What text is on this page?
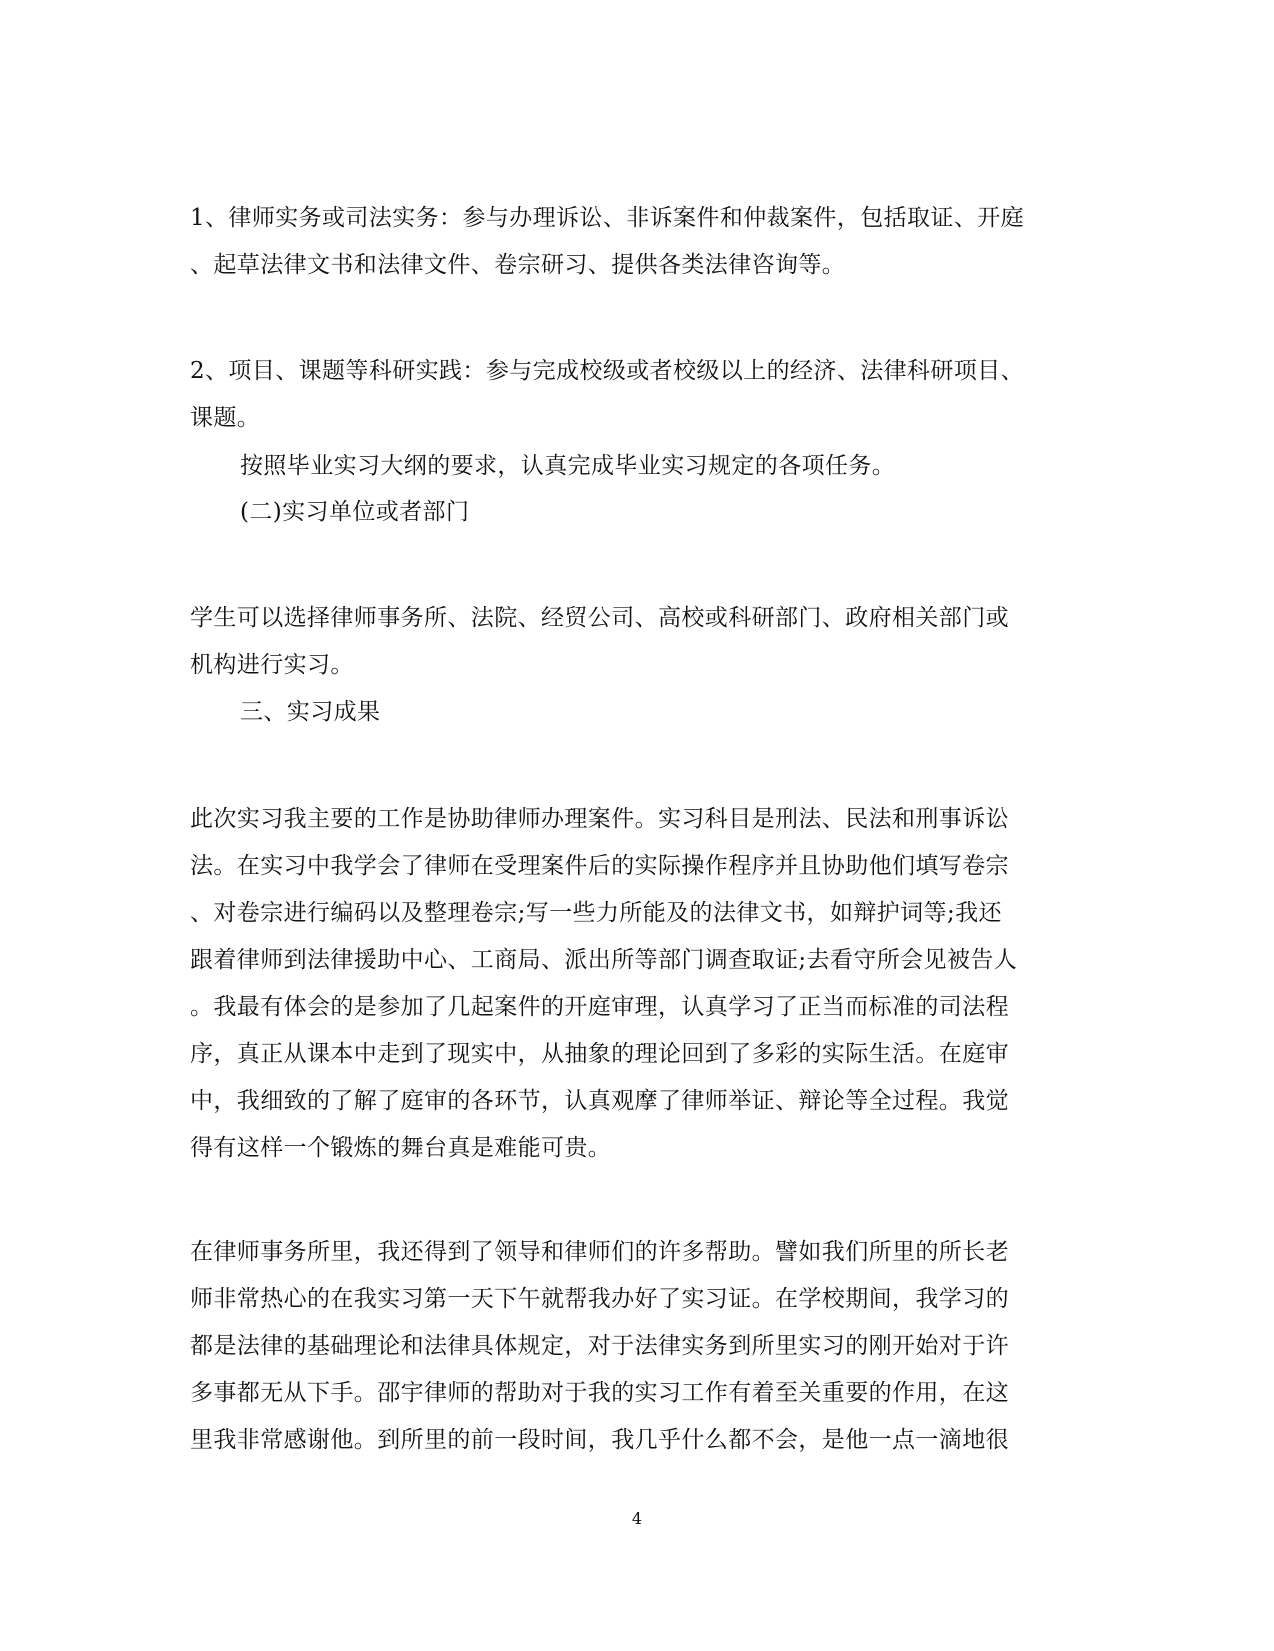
1、律师实务或司法实务：参与办理诉讼、非诉案件和仲裁案件，包括取证、开庭
、起草法律文书和法律文件、卷宗研习、提供各类法律咨询等。
2、项目、课题等科研实践：参与完成校级或者校级以上的经济、法律科研项目、
课题。
按照毕业实习大纲的要求，认真完成毕业实习规定的各项任务。
(二)实习单位或者部门
学生可以选择律师事务所、法院、经贸公司、高校或科研部门、政府相关部门或
机构进行实习。
三、实习成果
此次实习我主要的工作是协助律师办理案件。实习科目是刑法、民法和刑事诉讼
法。在实习中我学会了律师在受理案件后的实际操作程序并且协助他们填写卷宗
、对卷宗进行编码以及整理卷宗;写一些力所能及的法律文书，如辩护词等;我还
跟着律师到法律援助中心、工商局、派出所等部门调查取证;去看守所会见被告人
。我最有体会的是参加了几起案件的开庭审理，认真学习了正当而标准的司法程
序，真正从课本中走到了现实中，从抽象的理论回到了多彩的实际生活。在庭审
中，我细致的了解了庭审的各环节，认真观摩了律师举证、辩论等全过程。我觉
得有这样一个锻炼的舞台真是难能可贵。
在律师事务所里，我还得到了领导和律师们的许多帮助。譬如我们所里的所长老
师非常热心的在我实习第一天下午就帮我办好了实习证。在学校期间，我学习的
都是法律的基础理论和法律具体规定，对于法律实务到所里实习的刚开始对于许
多事都无从下手。邵宇律师的帮助对于我的实习工作有着至关重要的作用，在这
里我非常感谢他。到所里的前一段时间，我几乎什么都不会，是他一点一滴地很
4
